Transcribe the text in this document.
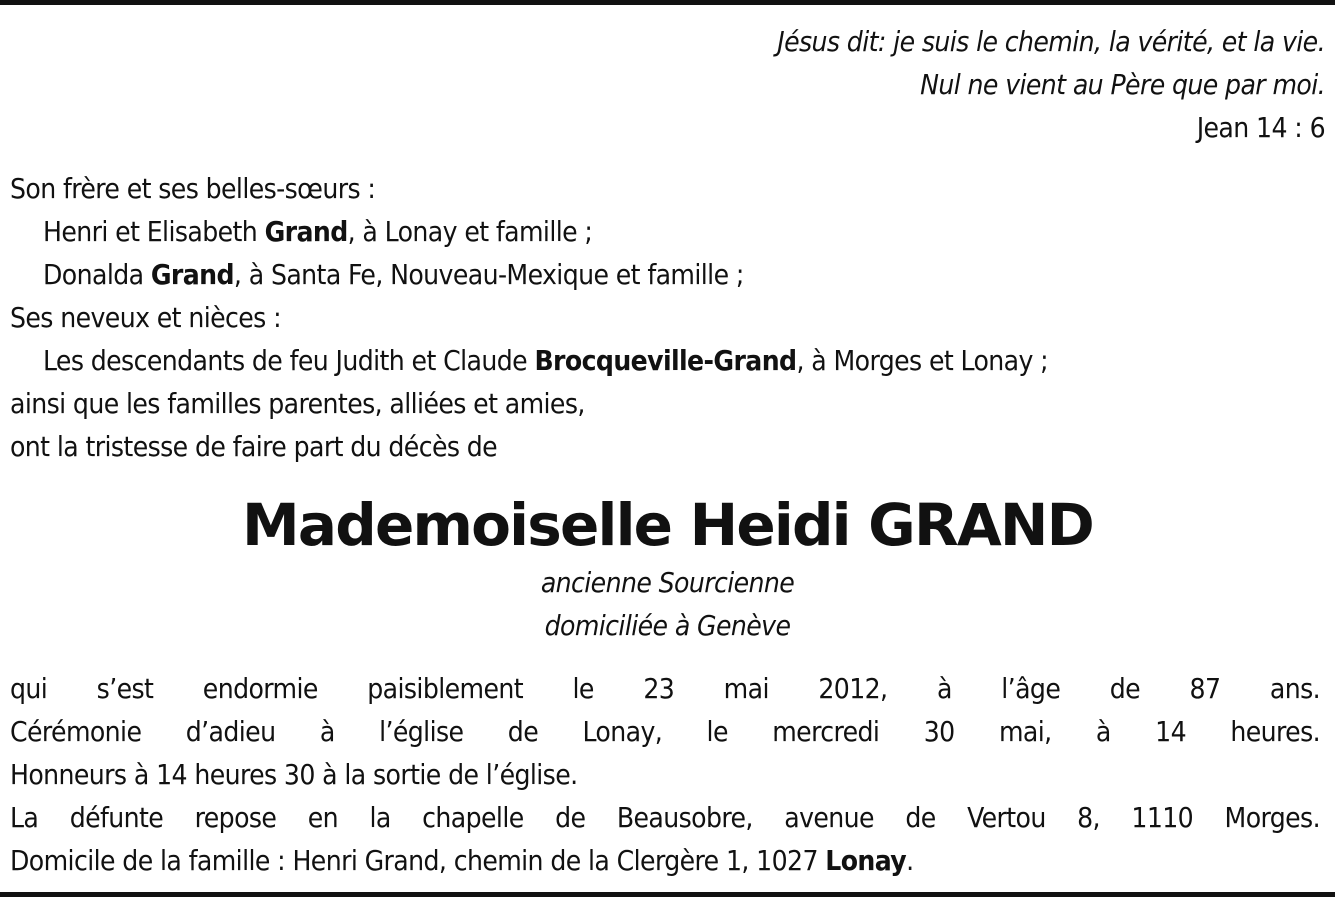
Jésus dit: je suis le chemin, la vérité, et la vie.
Nul ne vient au Père que par moi.
Jean 14 : 6
Son frère et ses belles-sœurs :
Henri et Elisabeth Grand, à Lonay et famille ;
Donalda Grand, à Santa Fe, Nouveau-Mexique et famille ;
Ses neveux et nièces :
Les descendants de feu Judith et Claude Brocqueville-Grand, à Morges et Lonay ;
ainsi que les familles parentes, alliées et amies,
ont la tristesse de faire part du décès de
Mademoiselle Heidi GRAND
ancienne Sourcienne
domiciliée à Genève
qui s’est endormie paisiblement le 23 mai 2012, à l’âge de 87 ans.
Cérémonie d’adieu à l’église de Lonay, le mercredi 30 mai, à 14 heures.
Honneurs à 14 heures 30 à la sortie de l’église.
La défunte repose en la chapelle de Beausobre, avenue de Vertou 8, 1110 Morges.
Domicile de la famille : Henri Grand, chemin de la Clergère 1, 1027 Lonay.
